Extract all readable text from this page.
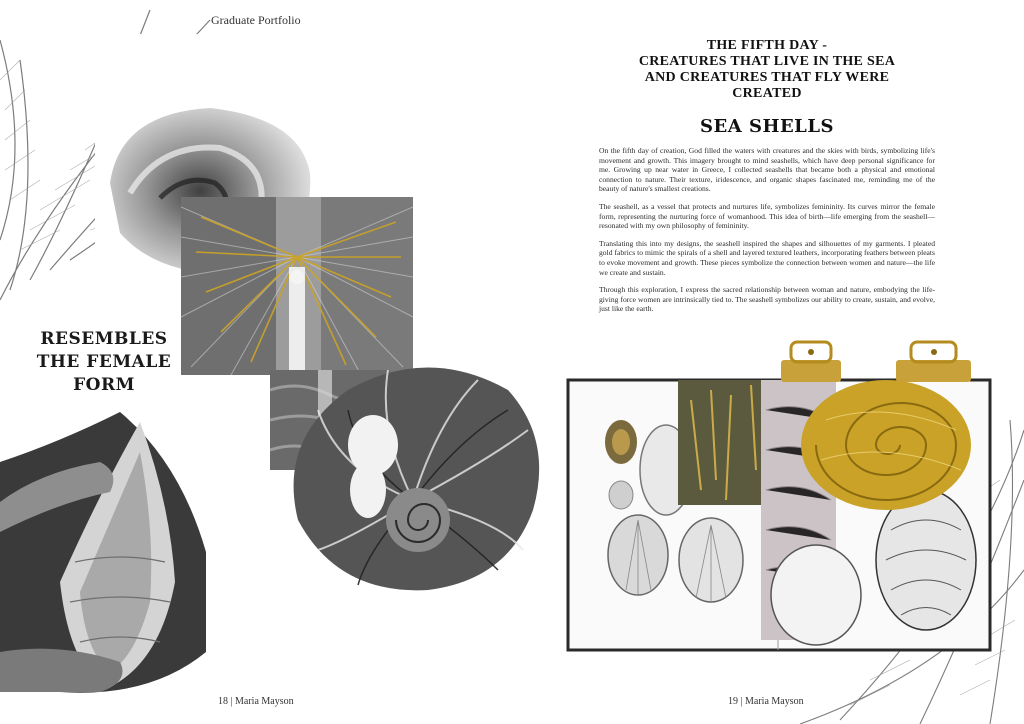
Graduate Portfolio
RESEMBLES
THE FEMALE
FORM
THE FIFTH DAY -
CREATURES THAT LIVE IN THE SEA
AND CREATURES THAT FLY WERE
CREATED
SEA SHELLS

On the fifth day of creation, God filled the waters with creatures and the skies with birds, symbolizing life's movement and growth. This imagery brought to mind seashells, which have deep personal significance for me. Growing up near water in Greece, I collected seashells that became both a physical and emotional connection to nature. Their texture, iridescence, and organic shapes fascinated me, reminding me of the beauty of nature's smallest creations.

The seashell, as a vessel that protects and nurtures life, symbolizes femininity. Its curves mirror the female form, representing the nurturing force of womanhood. This idea of birth—life emerging from the seashell—resonated with my own philosophy of femininity.

Translating this into my designs, the seashell inspired the shapes and silhouettes of my garments. I pleated gold fabrics to mimic the spirals of a shell and layered textured leathers, incorporating feathers between pleats to evoke movement and growth. These pieces symbolize the connection between women and nature—the life we create and sustain.

Through this exploration, I express the sacred relationship between woman and nature, embodying the life-giving force women are intrinsically tied to. The seashell symbolizes our ability to create, sustain, and evolve, just like the earth.

18 | Maria Mayson	19 | Maria Mayson
